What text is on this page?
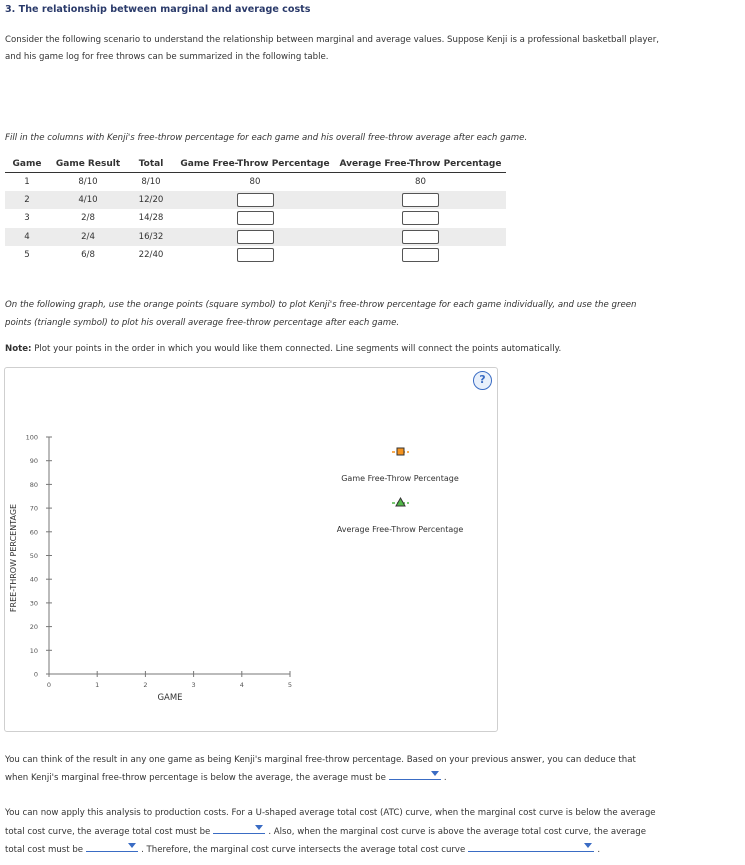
3. The relationship between marginal and average costs
Consider the following scenario to understand the relationship between marginal and average values. Suppose Kenji is a professional basketball player,
and his game log for free throws can be summarized in the following table.
Fill in the columns with Kenji's free-throw percentage for each game and his overall free-throw average after each game.
Game	Game Result	Total	Game Free-Throw Percentage	Average Free-Throw Percentage
1	8/10	8/10	80	80
2	4/10	12/20		
3	2/8	14/28		
4	2/4	16/32		
5	6/8	22/40		
On the following graph, use the orange points (square symbol) to plot Kenji's free-throw percentage for each game individually, and use the green
points (triangle symbol) to plot his overall average free-throw percentage after each game.
Note: Plot your points in the order in which you would like them connected. Line segments will connect the points automatically.
?
0
10
20
30
40
50
60
70
80
90
100
0	1	2	3	4	5
FREE-THROW PERCENTAGE
GAME
Game Free-Throw Percentage
Average Free-Throw Percentage
You can think of the result in any one game as being Kenji's marginal free-throw percentage. Based on your previous answer, you can deduce that
when Kenji's marginal free-throw percentage is below the average, the average must be	.
You can now apply this analysis to production costs. For a U-shaped average total cost (ATC) curve, when the marginal cost curve is below the average
total cost curve, the average total cost must be	. Also, when the marginal cost curve is above the average total cost curve, the average
total cost must be	. Therefore, the marginal cost curve intersects the average total cost curve	.
